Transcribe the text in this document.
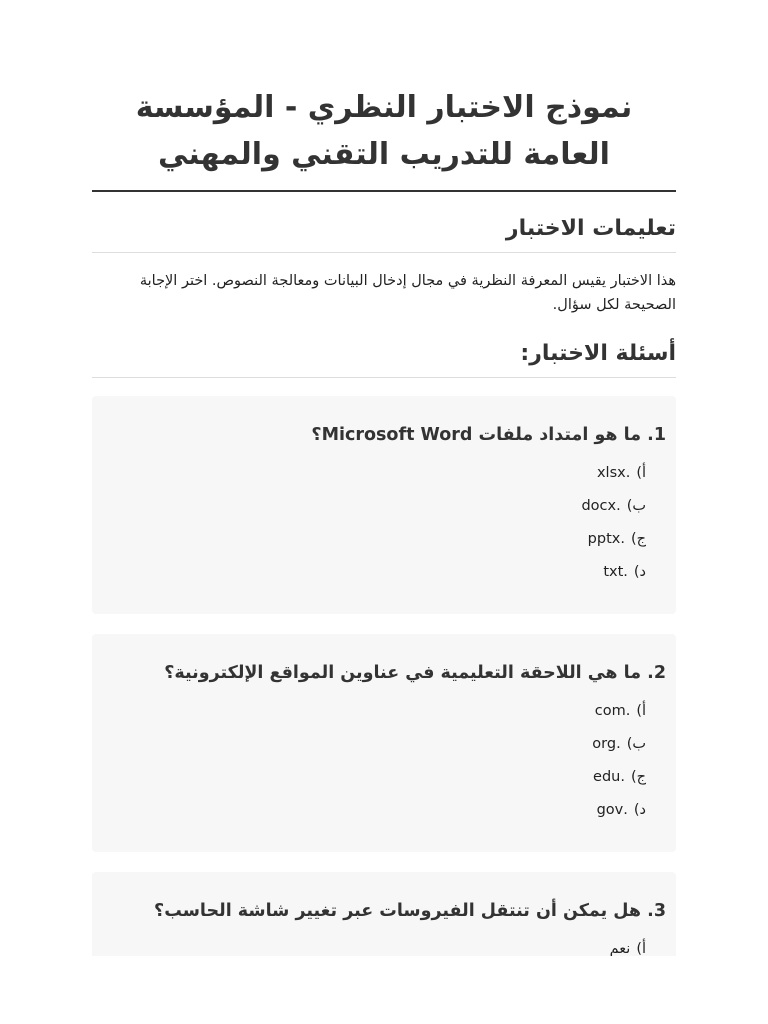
نموذج الاختبار النظري - المؤسسة العامة للتدريب التقني والمهني
تعليمات الاختبار

هذا الاختبار يقيس المعرفة النظرية في مجال إدخال البيانات ومعالجة النصوص. اختر الإجابة الصحيحة لكل سؤال.

أسئلة الاختبار:
1. ما هو امتداد ملفات Microsoft Word؟
أ)
.xlsx
ب)
.docx
ج)
.pptx
د)
.txt
2. ما هي اللاحقة التعليمية في عناوين المواقع الإلكترونية؟
أ)
.com
ب)
.org
ج)
.edu
د)
.gov
3. هل يمكن أن تنتقل الفيروسات عبر تغيير شاشة الحاسب؟
أ)
نعم
